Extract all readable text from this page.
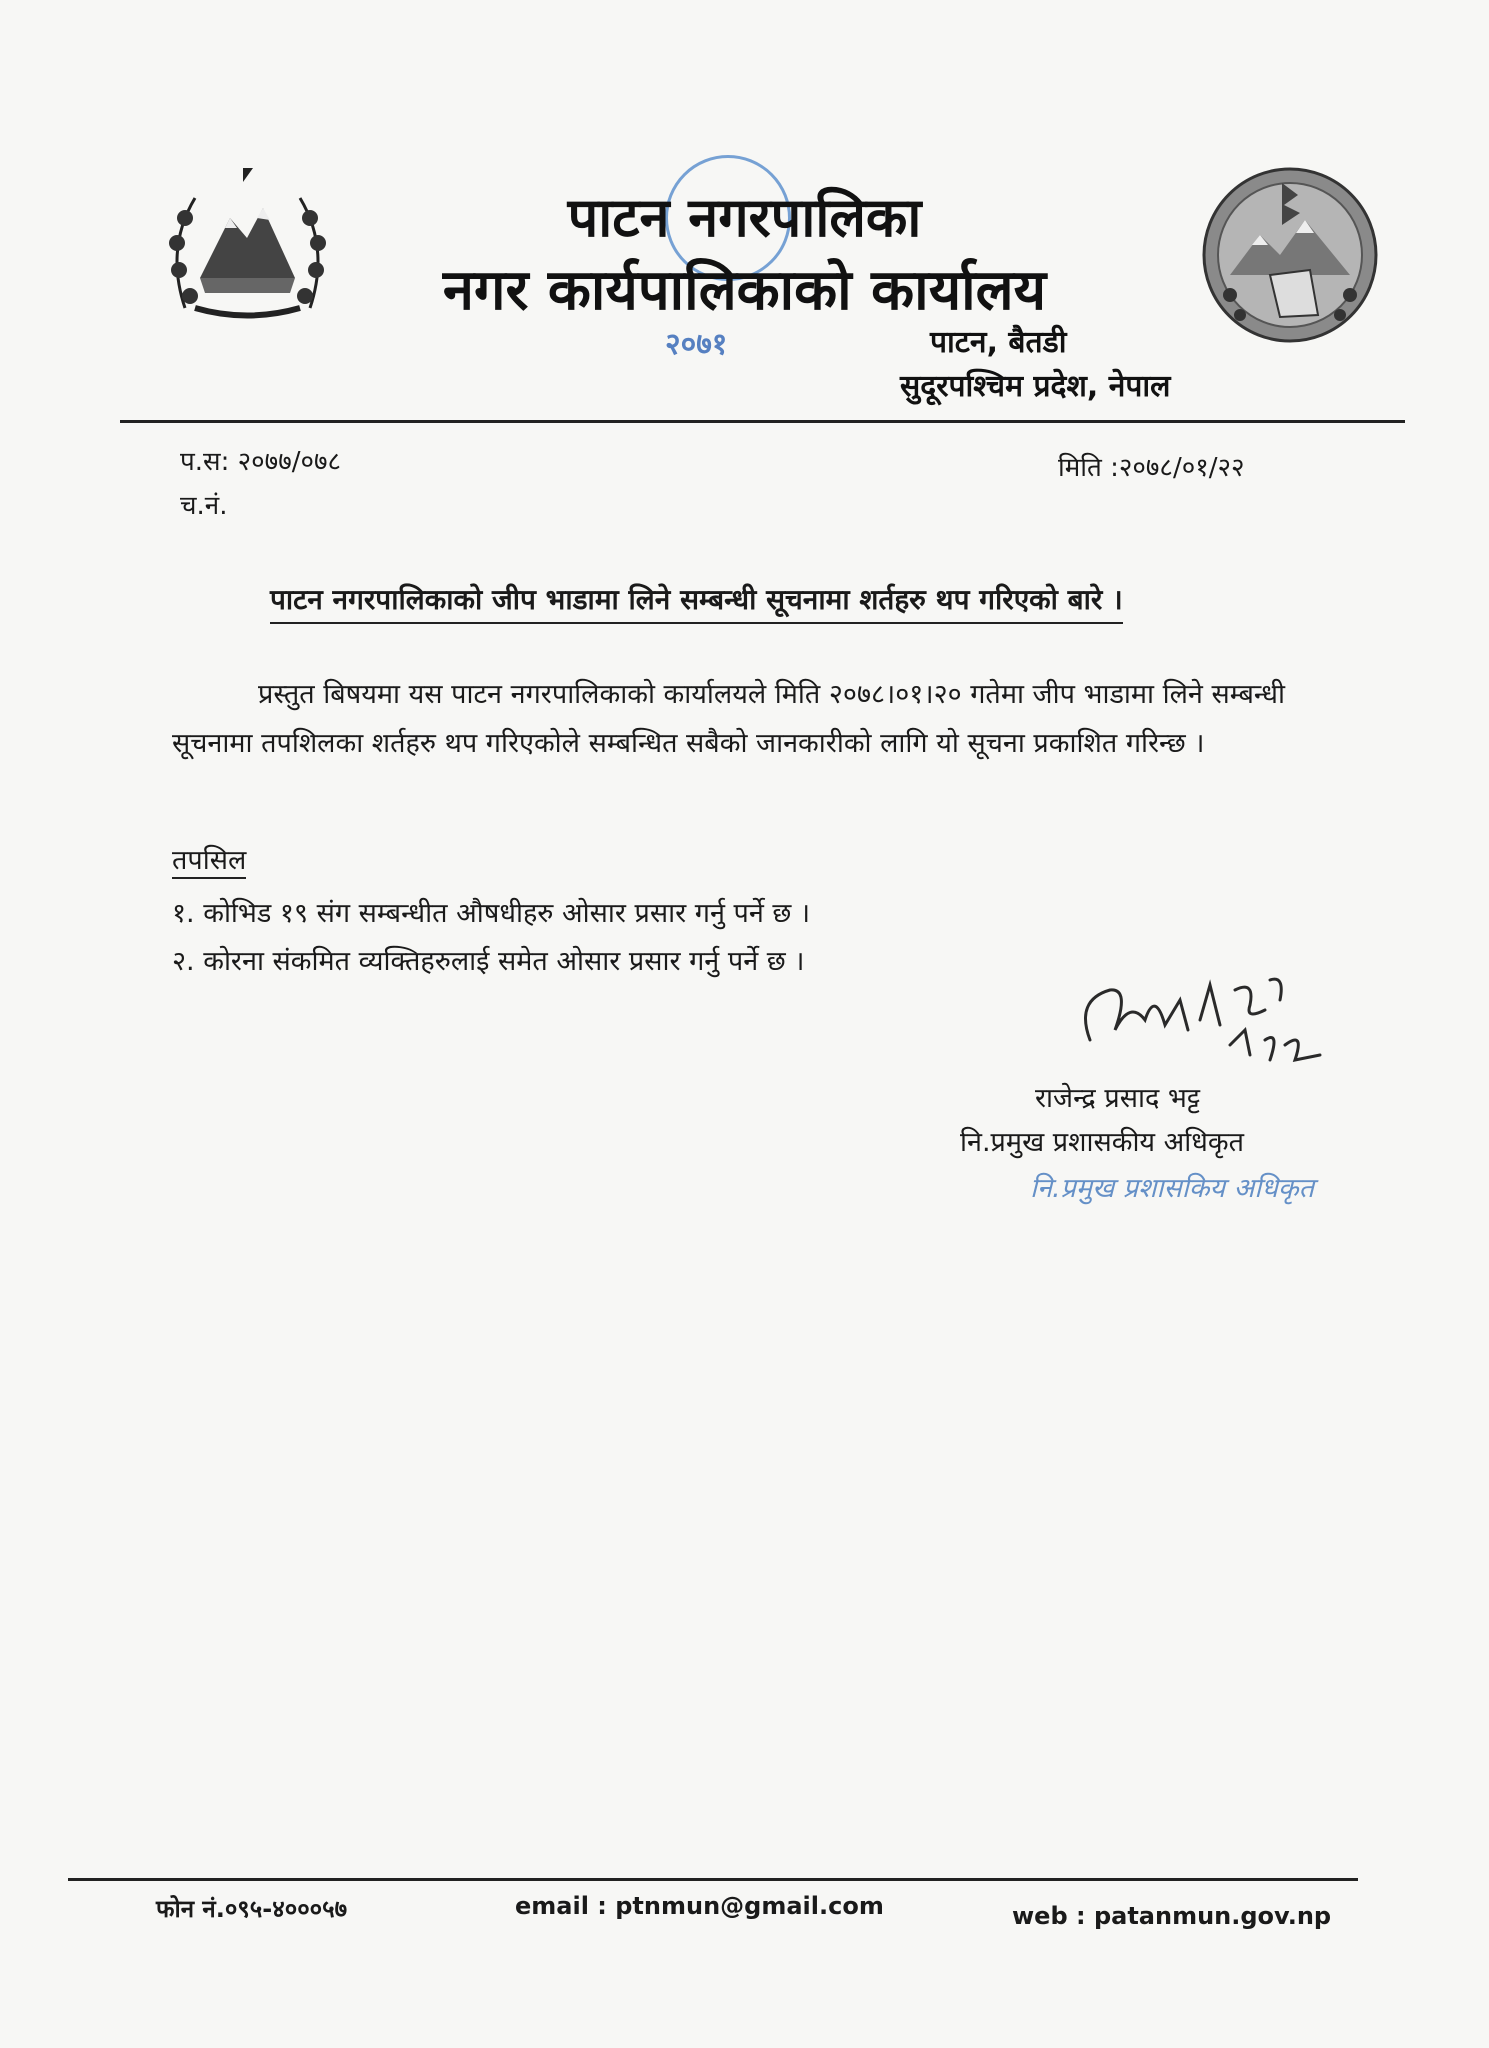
पाटन नगरपालिका
नगर कार्यपालिकाको कार्यालय
२०७१	पाटन, बैतडी
सुदूरपश्चिम प्रदेश, नेपाल
प.स: २०७७/०७८
च.नं.
मिति :२०७८/०१/२२
पाटन नगरपालिकाको जीप भाडामा लिने सम्बन्धी सूचनामा शर्तहरु थप गरिएको बारे ।
प्रस्तुत बिषयमा यस पाटन नगरपालिकाको कार्यालयले मिति २०७८।०१।२० गतेमा जीप भाडामा लिने सम्बन्धी सूचनामा तपशिलका शर्तहरु थप गरिएकोले सम्बन्धित सबैको जानकारीको लागि यो सूचना प्रकाशित गरिन्छ ।
तपसिल
१. कोभिड १९ संग सम्बन्धीत औषधीहरु ओसार प्रसार गर्नु पर्ने छ ।
२. कोरना संकमित व्यक्तिहरुलाई समेत ओसार प्रसार गर्नु पर्ने छ ।
राजेन्द्र प्रसाद भट्ट
नि.प्रमुख प्रशासकीय अधिकृत
नि.प्रमुख प्रशासकिय अधिकृत
फोन नं.०९५-४०००५७	email : ptnmun@gmail.com	web : patanmun.gov.np
